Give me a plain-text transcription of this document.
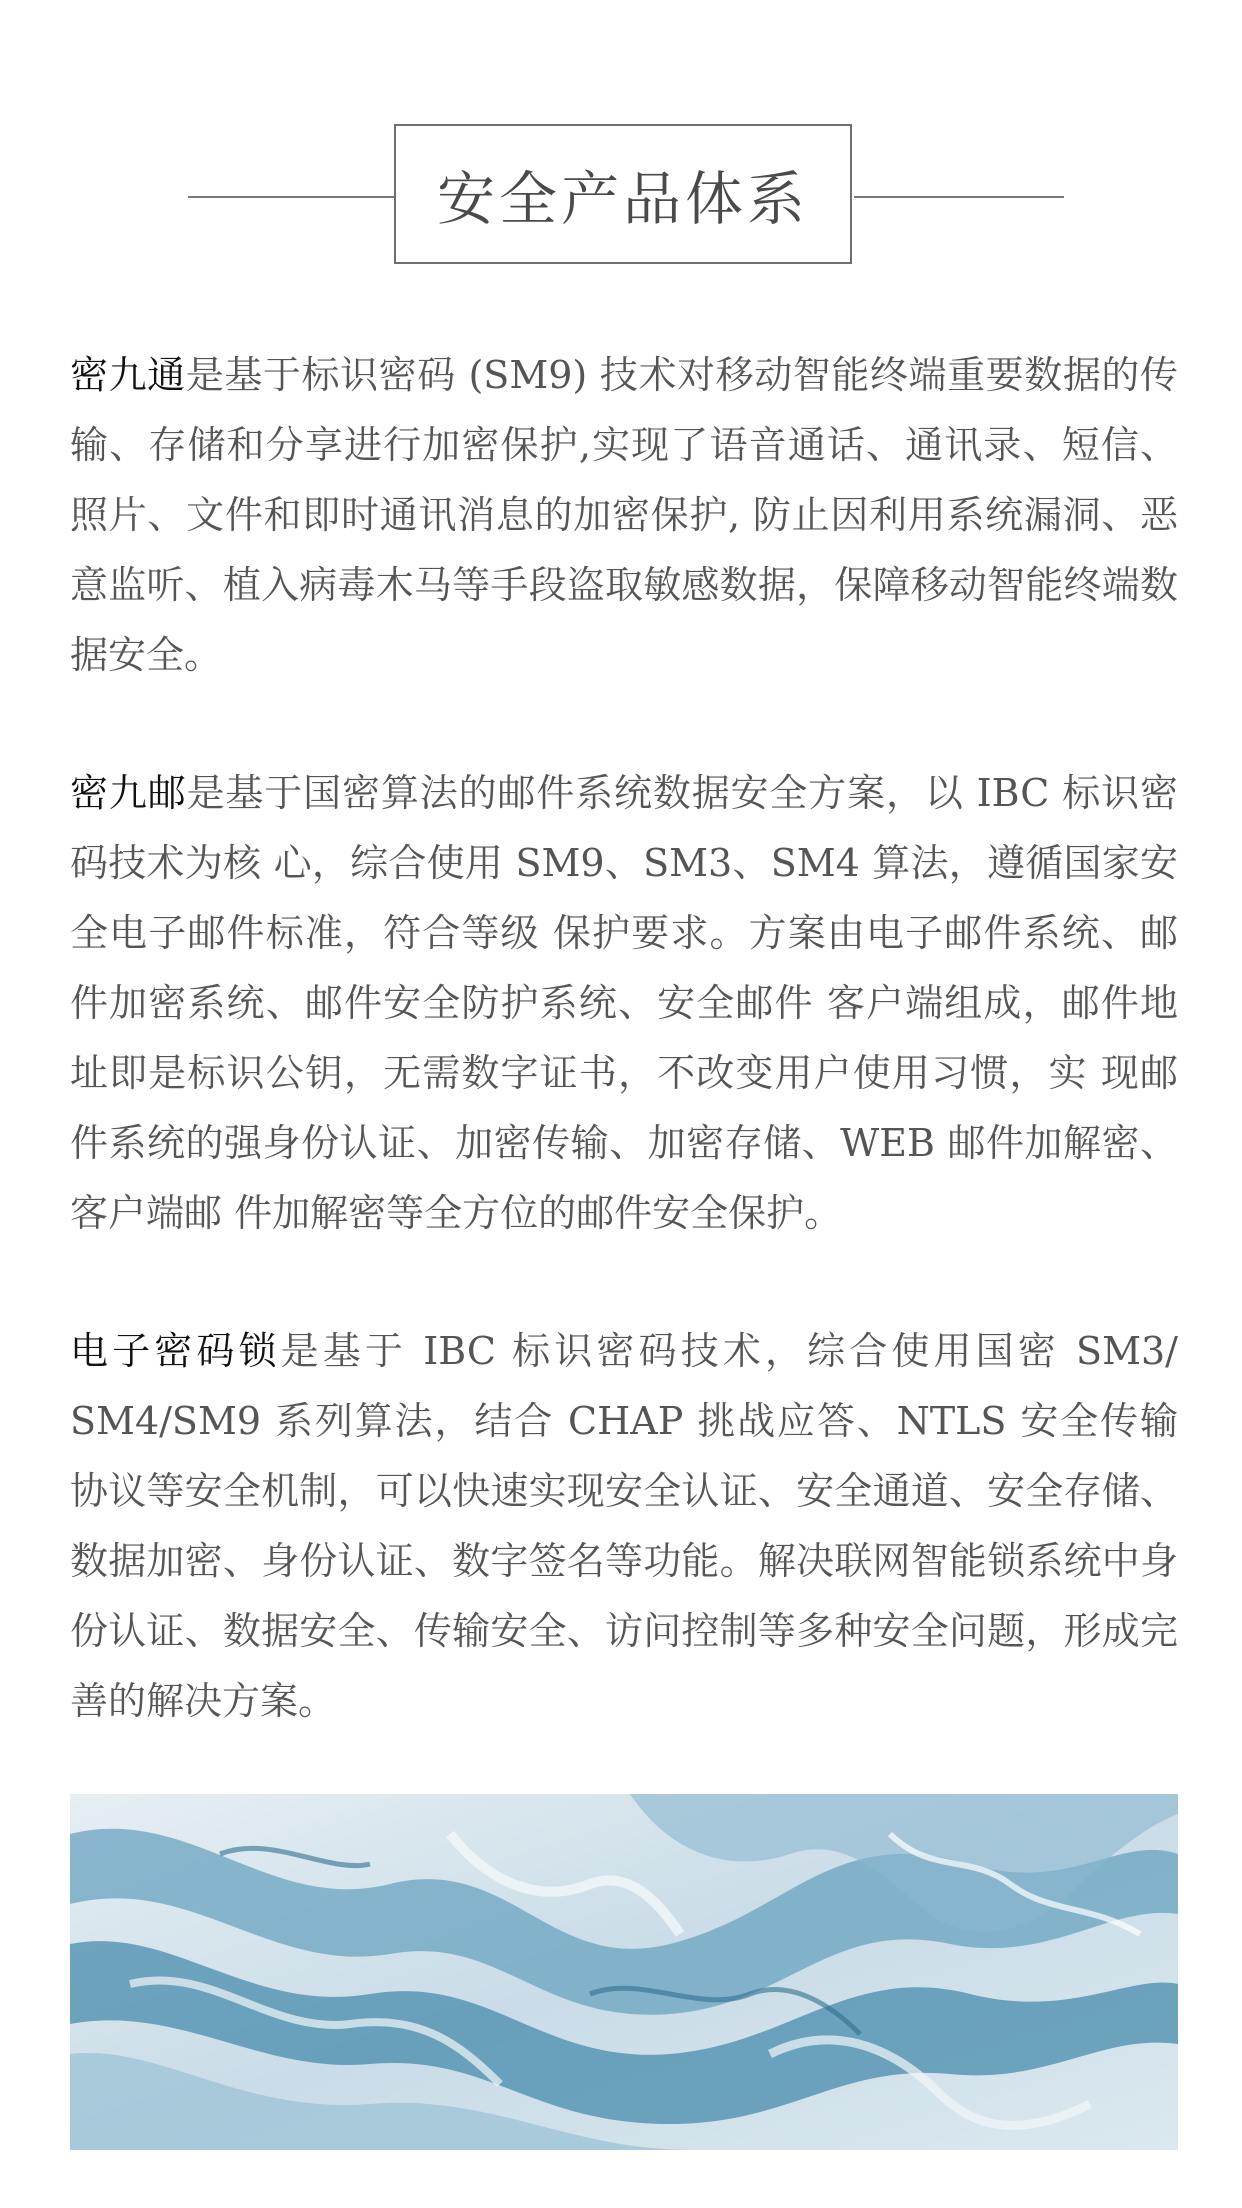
安全产品体系

密九通是基于标识密码 (SM9) 技术对移动智能终端重要数据的传输、存储和分享进行加密保护,实现了语音通话、通讯录、短信、照片、文件和即时通讯消息的加密保护, 防止因利用系统漏洞、恶意监听、植入病毒木马等手段盗取敏感数据，保障移动智能终端数据安全。

密九邮是基于国密算法的邮件系统数据安全方案，以 IBC 标识密码技术为核 心，综合使用 SM9、SM3、SM4 算法，遵循国家安全电子邮件标准，符合等级 保护要求。方案由电子邮件系统、邮件加密系统、邮件安全防护系统、安全邮件 客户端组成，邮件地址即是标识公钥，无需数字证书，不改变用户使用习惯，实 现邮件系统的强身份认证、加密传输、加密存储、WEB 邮件加解密、客户端邮 件加解密等全方位的邮件安全保护。

电子密码锁是基于 IBC 标识密码技术，综合使用国密 SM3/ SM4/SM9 系列算法，结合 CHAP 挑战应答、NTLS 安全传输协议等安全机制，可以快速实现安全认证、安全通道、安全存储、数据加密、身份认证、数字签名等功能。解决联网智能锁系统中身份认证、数据安全、传输安全、访问控制等多种安全问题，形成完善的解决方案。
